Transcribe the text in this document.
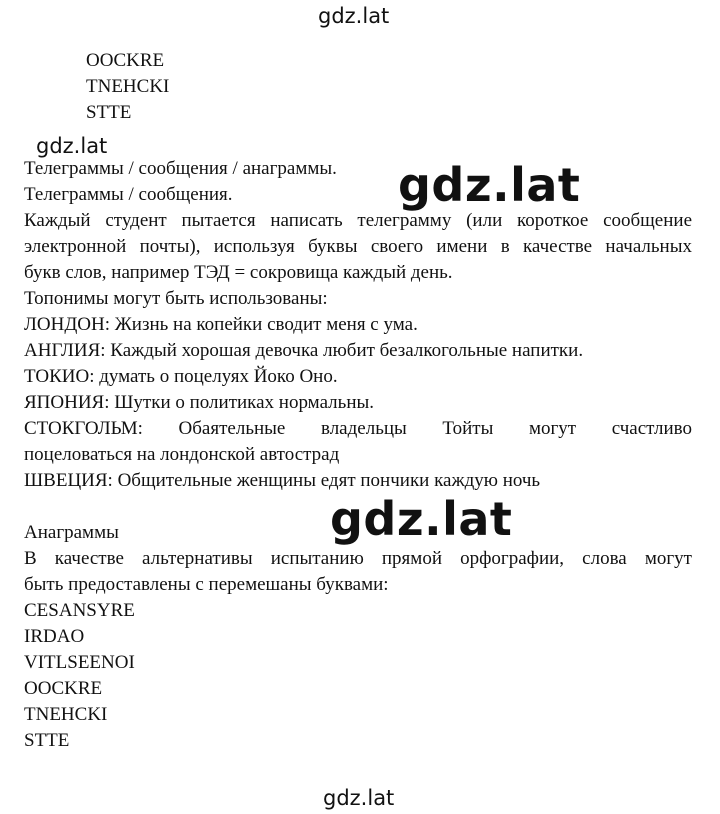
gdz.lat
OOCKRE
TNEHCKI
STTE
gdz.lat
Телеграммы / сообщения / анаграммы.
Телеграммы / сообщения.
Каждый студент пытается написать телеграмму (или короткое сообщение
электронной почты), используя буквы своего имени в качестве начальных
букв слов, например ТЭД = сокровища каждый день.
Топонимы могут быть использованы:
ЛОНДОН: Жизнь на копейки сводит меня с ума.
АНГЛИЯ: Каждый хорошая девочка любит безалкогольные напитки.
ТОКИО: думать о поцелуях Йоко Оно.
ЯПОНИЯ: Шутки о политиках нормальны.
СТОКГОЛЬМ: Обаятельные владельцы Тойты могут счастливо
поцеловаться на лондонской автострад
ШВЕЦИЯ: Общительные женщины едят пончики каждую ночь
Анаграммы
В качестве альтернативы испытанию прямой орфографии, слова могут
быть предоставлены с перемешаны буквами:
CESANSYRE
IRDAO
VITLSEENOI
OOCKRE
TNEHCKI
STTE
gdz.lat
gdz.lat
gdz.lat
